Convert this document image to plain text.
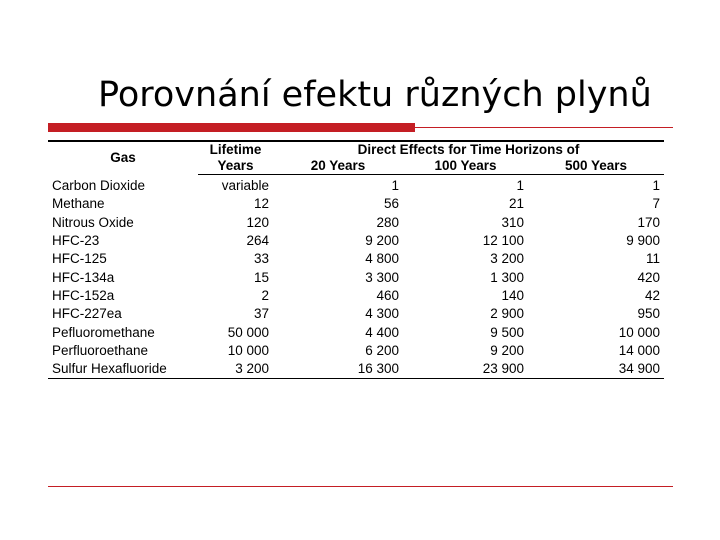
Porovnání efektu různých plynů
Gas	Lifetime	Direct Effects for Time Horizons of		
	Years	20 Years	100 Years	500 Years
Carbon Dioxide	variable	1	1	1
Methane	12	56	21	7
Nitrous Oxide	120	280	310	170
HFC-23	264	9 200	12 100	9 900
HFC-125	33	4 800	3 200	11
HFC-134a	15	3 300	1 300	420
HFC-152a	2	460	140	42
HFC-227ea	37	4 300	2 900	950
Pefluoromethane	50 000	4 400	9 500	10 000
Perfluoroethane	10 000	6 200	9 200	14 000
Sulfur Hexafluoride	3 200	16 300	23 900	34 900
